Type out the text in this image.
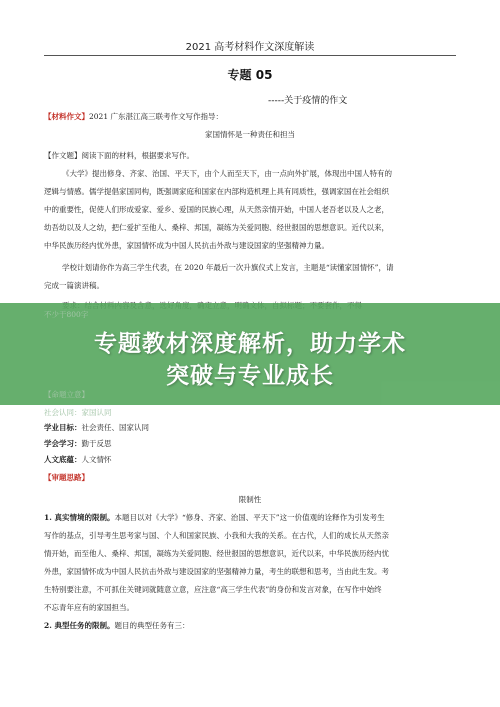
2021 高考材料作文深度解读
专题 05
-----关于疫情的作文
【材料作文】2021 广东湛江高三联考作文写作指导：
家国情怀是一种责任和担当
【作文题】阅读下面的材料，根据要求写作。
《大学》提出修身、齐家、治国、平天下，由个人而至天下，由一点向外扩展，体现出中国人特有的
逻辑与情感。儒学提倡家国同构，既强调家庭和国家在内部构造机理上具有同质性，强调家国在社会组织
中的重要性，促使人们形成爱家、爱乡、爱国的民族心理，从天然亲情开始，中国人老吾老以及人之老，
幼吾幼以及人之幼，把仁爱扩至他人、桑梓、邦国，凝练为关爱同胞、经世报国的思想意识。近代以来，
中华民族历经内忧外患，家国情怀成为中国人民抗击外敌与建设国家的坚强精神力量。
学校计划请你作为高三学生代表，在 2020 年最后一次升旗仪式上发言，主题是“读懂家国情怀”，请
完成一篇演讲稿。
不少于800字
【命题立意】
专题教材深度解析，助力学术
突破与专业成长
社会认同：家国认同
学业目标：社会责任、国家认同
学会学习：勤于反思
人文底蕴：人文情怀
【审题思路】
限制性
1. 真实情境的限制。本题目以对《大学》“修身、齐家、治国、平天下”这一价值观的诠释作为引发考生
写作的基点，引导考生思考家与国、个人和国家民族、小我和大我的关系。在古代，人们的成长从天然亲
情开始，而至他人、桑梓、邦国，凝练为关爱同胞、经世报国的思想意识，近代以来，中华民族历经内忧
外患，家国情怀成为中国人民抗击外敌与建设国家的坚强精神力量，考生的联想和思考，当由此生发。考
生特别要注意，不可抓住关键词就随意立意，应注意“高三学生代表”的身份和发言对象，在写作中始终
不忘青年应有的家国担当。
2. 典型任务的限制。题目的典型任务有三：
